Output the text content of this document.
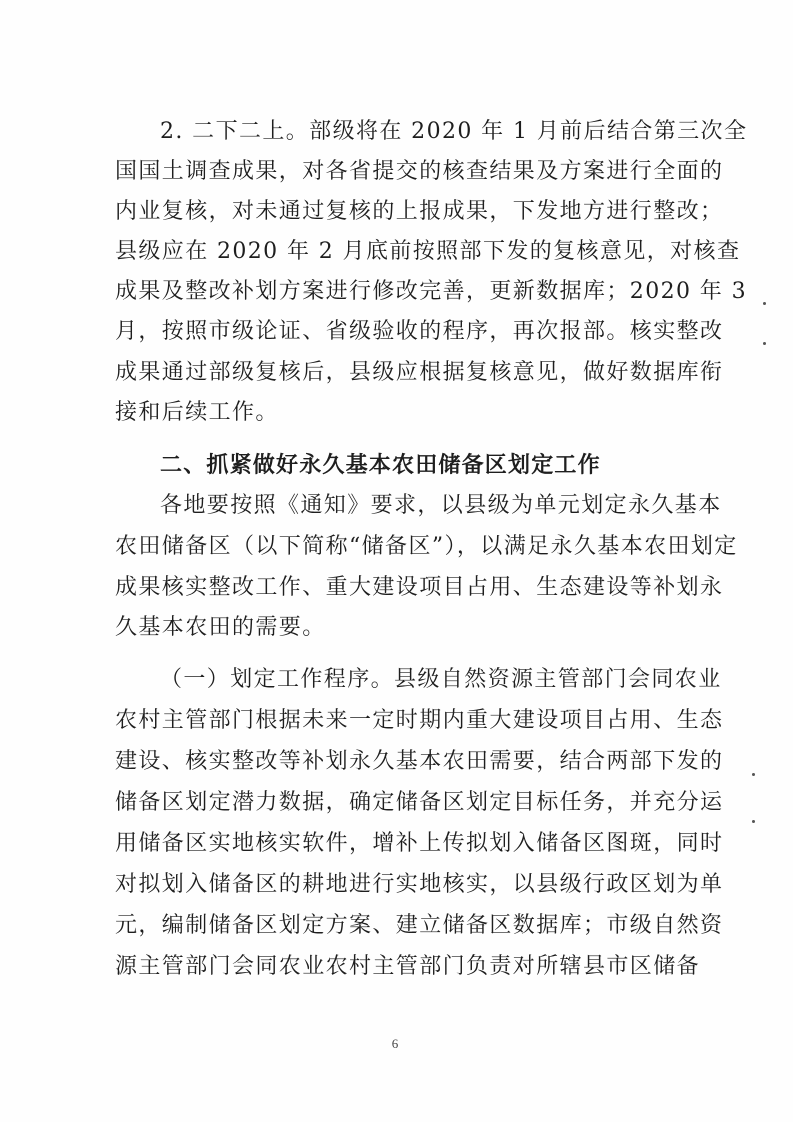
2. 二下二上。部级将在 2020 年 1 月前后结合第三次全
国国土调查成果，对各省提交的核查结果及方案进行全面的
内业复核，对未通过复核的上报成果，下发地方进行整改；
县级应在 2020 年 2 月底前按照部下发的复核意见，对核查
成果及整改补划方案进行修改完善，更新数据库；2020 年 3
月，按照市级论证、省级验收的程序，再次报部。核实整改
成果通过部级复核后，县级应根据复核意见，做好数据库衔
接和后续工作。
二、抓紧做好永久基本农田储备区划定工作
各地要按照《通知》要求，以县级为单元划定永久基本
农田储备区（以下简称“储备区”），以满足永久基本农田划定
成果核实整改工作、重大建设项目占用、生态建设等补划永
久基本农田的需要。
（一）划定工作程序。县级自然资源主管部门会同农业
农村主管部门根据未来一定时期内重大建设项目占用、生态
建设、核实整改等补划永久基本农田需要，结合两部下发的
储备区划定潜力数据，确定储备区划定目标任务，并充分运
用储备区实地核实软件，增补上传拟划入储备区图斑，同时
对拟划入储备区的耕地进行实地核实，以县级行政区划为单
元，编制储备区划定方案、建立储备区数据库；市级自然资
源主管部门会同农业农村主管部门负责对所辖县市区储备
6
